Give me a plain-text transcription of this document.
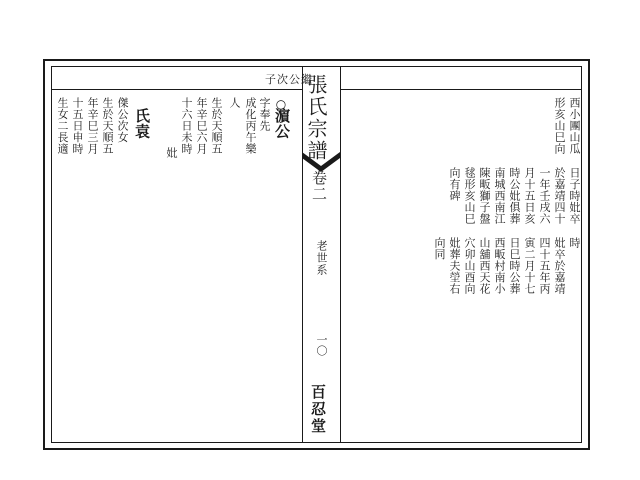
張氏宗譜
卷二
老世系
一〇
百忍堂
子次公繼
○
濵公
字奉先
成化丙午樂
人
生於天順五
年辛巳六月
十六日未時
妣
氏袁
傑公次女
生於天順五
年辛巳三月
十五日申時
生女二長適	西小團山瓜
形亥山巳向
日子時妣卒
於嘉靖四十
一年壬戌六
月十五日亥
時公妣俱葬
南城西南江
陳畈獅子盤
毬形亥山巳
向有碑
時
妣卒於嘉靖
四十五年丙
寅二月十七
日巳時公葬
西畈村南小
山舖西天花
穴卯山酉向
妣葬夫塋右
向同
